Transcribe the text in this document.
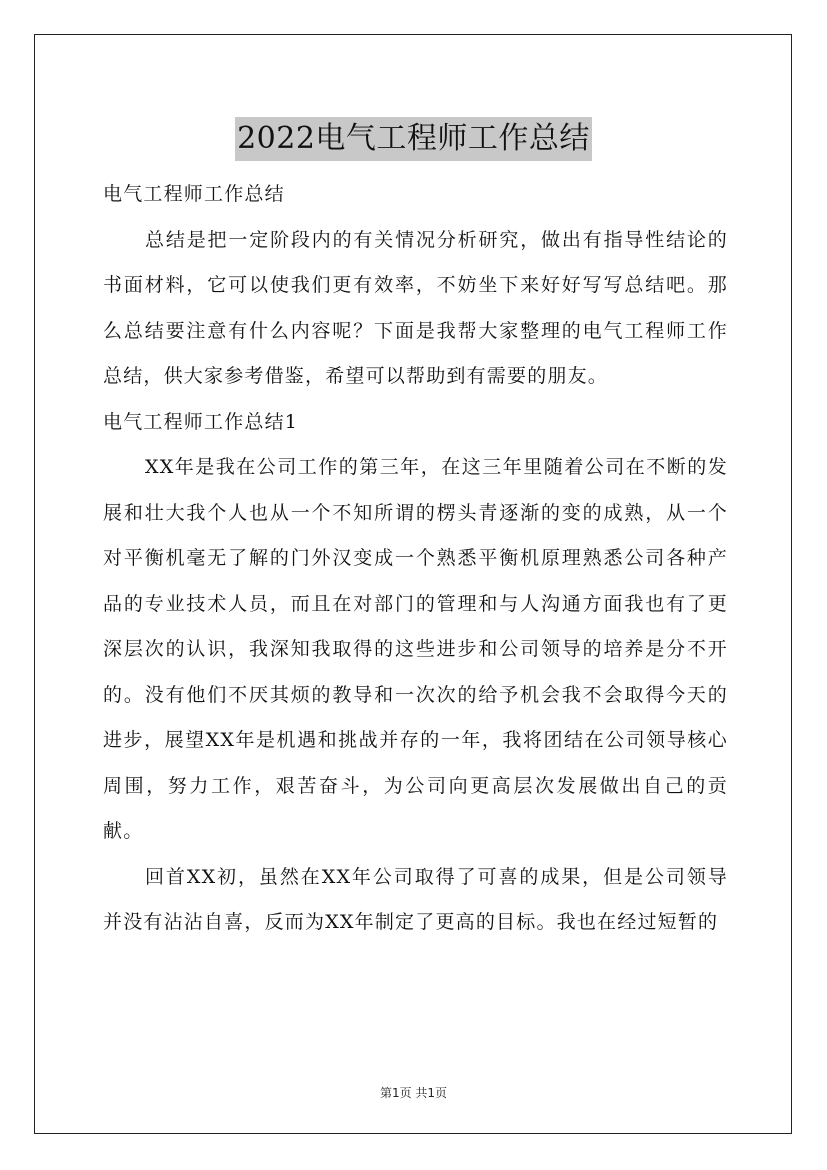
2022电气工程师工作总结

电气工程师工作总结

总结是把一定阶段内的有关情况分析研究，做出有指导性结论的书面材料，它可以使我们更有效率，不妨坐下来好好写写总结吧。那么总结要注意有什么内容呢？下面是我帮大家整理的电气工程师工作总结，供大家参考借鉴，希望可以帮助到有需要的朋友。

电气工程师工作总结1

XX年是我在公司工作的第三年，在这三年里随着公司在不断的发展和壮大我个人也从一个不知所谓的楞头青逐渐的变的成熟，从一个对平衡机毫无了解的门外汉变成一个熟悉平衡机原理熟悉公司各种产品的专业技术人员，而且在对部门的管理和与人沟通方面我也有了更深层次的认识，我深知我取得的这些进步和公司领导的培养是分不开的。没有他们不厌其烦的教导和一次次的给予机会我不会取得今天的进步，展望XX年是机遇和挑战并存的一年，我将团结在公司领导核心周围，努力工作，艰苦奋斗，为公司向更高层次发展做出自己的贡献。

回首XX初，虽然在XX年公司取得了可喜的成果，但是公司领导并没有沾沾自喜，反而为XX年制定了更高的目标。我也在经过短暂的

第1页 共1页
